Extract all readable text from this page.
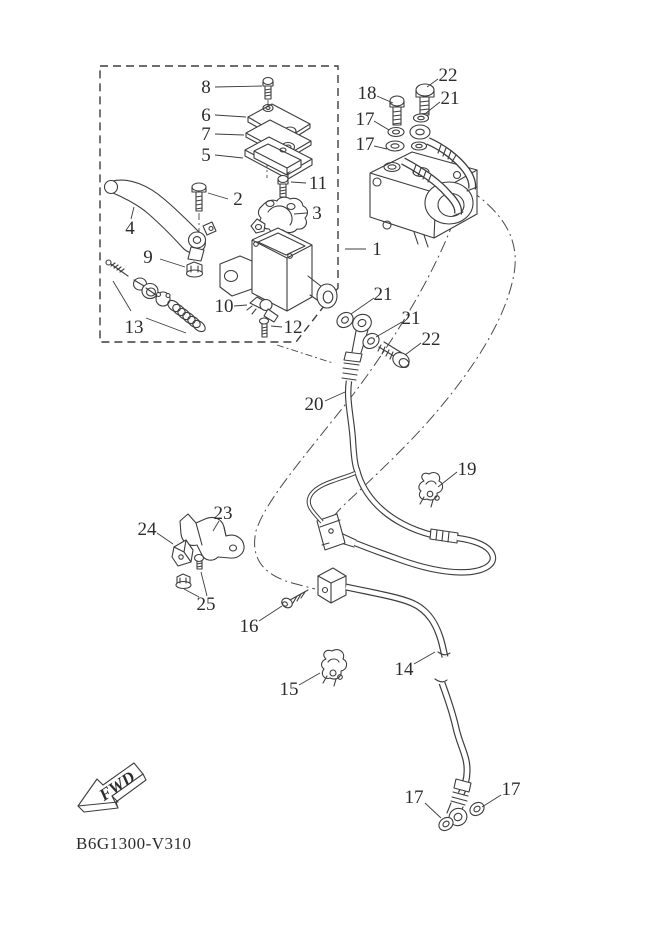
FWD
B6G1300-V310
8
6
7
5
2
4
11
3
9	1
10
12
13
18
22
21
17
17
21
21
22
20
19
23
24
25
16
15
14
17	17
